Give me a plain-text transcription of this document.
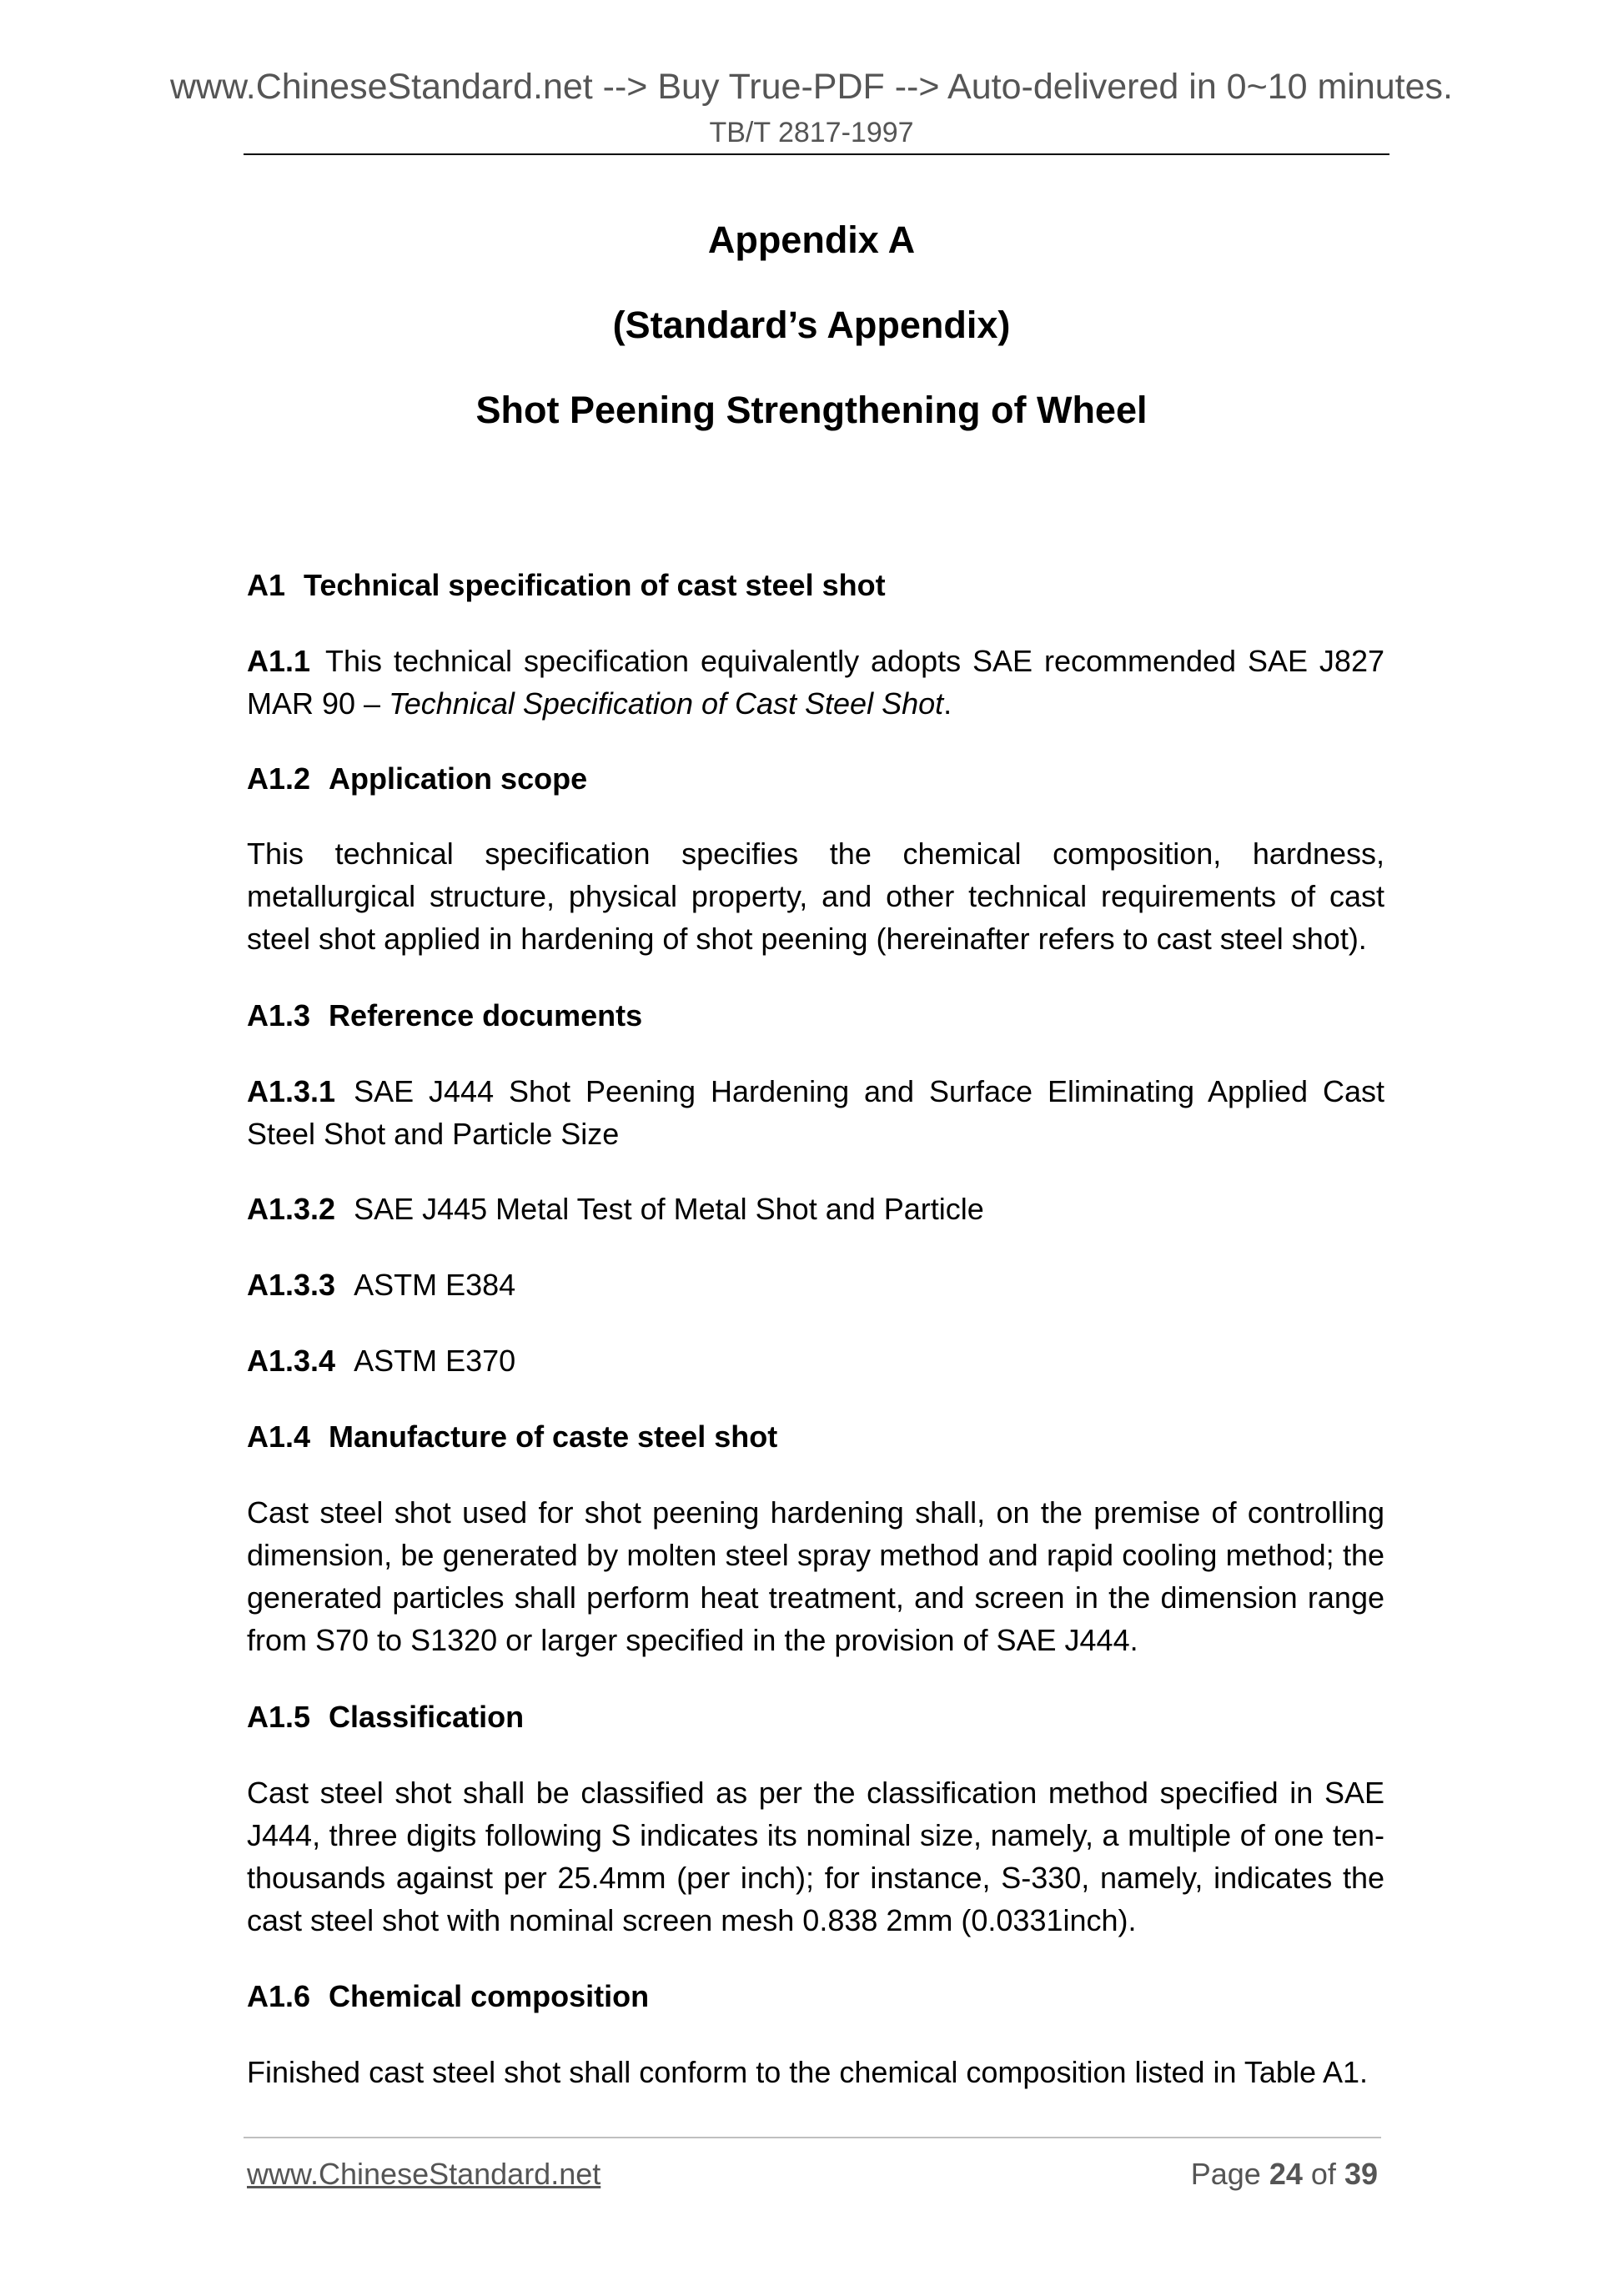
www.ChineseStandard.net --> Buy True-PDF --> Auto-delivered in 0~10 minutes.
TB/T 2817-1997
Appendix A
(Standard’s Appendix)
Shot Peening Strengthening of Wheel
A1 Technical specification of cast steel shot
A1.1 This technical specification equivalently adopts SAE recommended SAE J827 MAR 90 – Technical Specification of Cast Steel Shot.
A1.2 Application scope
This technical specification specifies the chemical composition, hardness, metallurgical structure, physical property, and other technical requirements of cast steel shot applied in hardening of shot peening (hereinafter refers to cast steel shot).
A1.3 Reference documents
A1.3.1 SAE J444 Shot Peening Hardening and Surface Eliminating Applied Cast Steel Shot and Particle Size
A1.3.2 SAE J445 Metal Test of Metal Shot and Particle
A1.3.3 ASTM E384
A1.3.4 ASTM E370
A1.4 Manufacture of caste steel shot
Cast steel shot used for shot peening hardening shall, on the premise of controlling dimension, be generated by molten steel spray method and rapid cooling method; the generated particles shall perform heat treatment, and screen in the dimension range from S70 to S1320 or larger specified in the provision of SAE J444.
A1.5 Classification
Cast steel shot shall be classified as per the classification method specified in SAE J444, three digits following S indicates its nominal size, namely, a multiple of one ten-thousands against per 25.4mm (per inch); for instance, S-330, namely, indicates the cast steel shot with nominal screen mesh 0.838 2mm (0.0331inch).
A1.6 Chemical composition
Finished cast steel shot shall conform to the chemical composition listed in Table A1.
www.ChineseStandard.net	Page 24 of 39
